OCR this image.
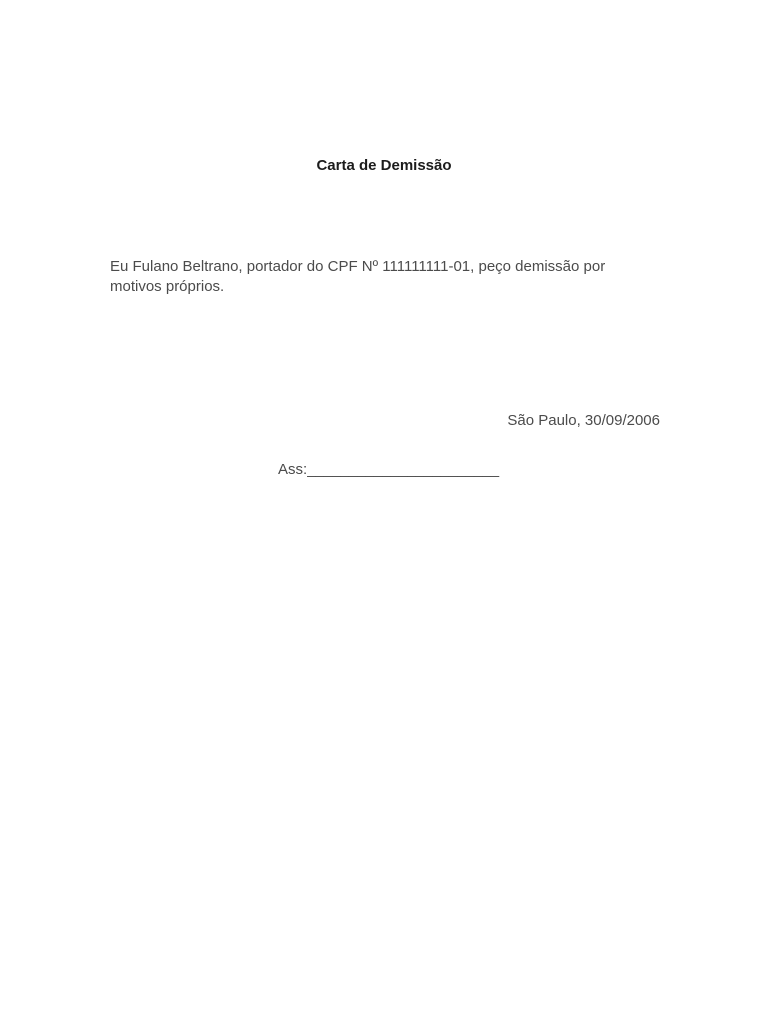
Carta de Demissão

Eu Fulano Beltrano, portador do CPF Nº 111111111-01, peço demissão por

motivos próprios.

São Paulo, 30/09/2006
Ass:_______________________
